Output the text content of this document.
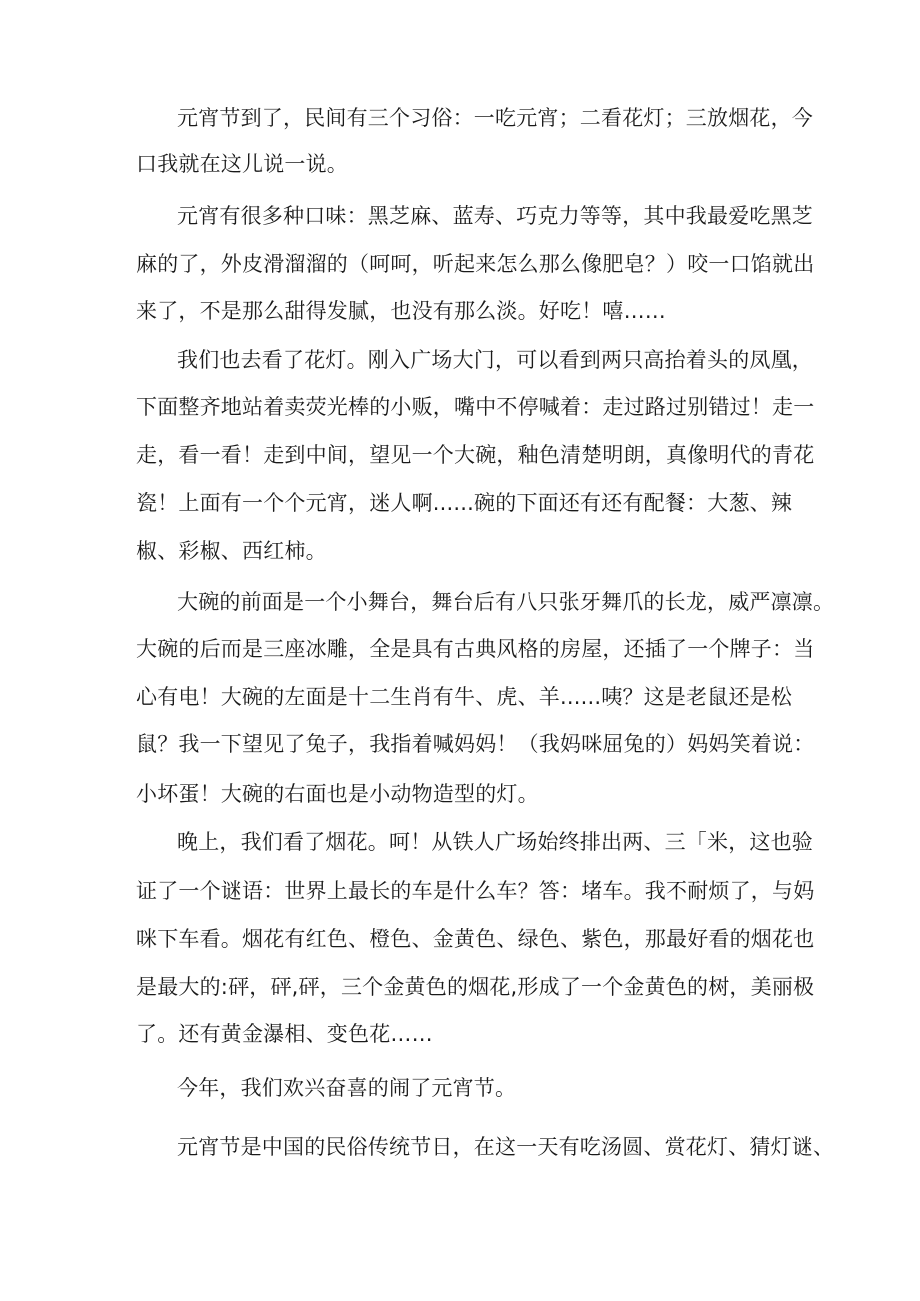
元宵节到了，民间有三个习俗：一吃元宵；二看花灯；三放烟花，今
口我就在这儿说一说。
元宵有很多种口味：黑芝麻、蓝寿、巧克力等等，其中我最爱吃黑芝
麻的了，外皮滑溜溜的（呵呵，听起来怎么那么像肥皂？）咬一口馅就出
来了，不是那么甜得发腻，也没有那么淡。好吃！嘻……
我们也去看了花灯。刚入广场大门，可以看到两只高抬着头的凤凰，
下面整齐地站着卖荧光棒的小贩，嘴中不停喊着：走过路过别错过！走一
走，看一看！走到中间，望见一个大碗，釉色清楚明朗，真像明代的青花
瓷！上面有一个个元宵，迷人啊......碗的下面还有还有配餐：大葱、辣
椒、彩椒、西红柿。
大碗的前面是一个小舞台，舞台后有八只张牙舞爪的长龙，威严凛凛。
大碗的后而是三座冰雕，全是具有古典风格的房屋，还插了一个牌子：当
心有电！大碗的左面是十二生肖有牛、虎、羊......咦？这是老鼠还是松
鼠？我一下望见了兔子，我指着喊妈妈！（我妈咪屈兔的）妈妈笑着说：
小坏蛋！大碗的右面也是小动物造型的灯。
晚上，我们看了烟花。呵！从铁人广场始终排出两、三「米，这也验
证了一个谜语：世界上最长的车是什么车？答：堵车。我不耐烦了，与妈
咪下车看。烟花有红色、橙色、金黄色、绿色、紫色，那最好看的烟花也
是最大的:砰，砰,砰，三个金黄色的烟花,形成了一个金黄色的树，美丽极
了。还有黄金瀑相、变色花……
今年，我们欢兴奋喜的闹了元宵节。
元宵节是中国的民俗传统节日，在这一天有吃汤圆、赏花灯、猜灯谜、
